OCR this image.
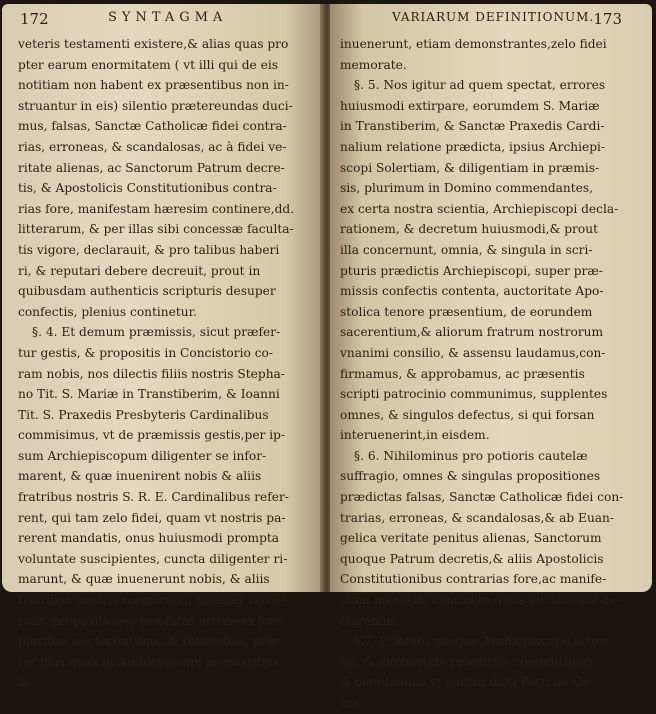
172	SYNTAGMA
veteris testamenti existere,& alias quas pro
pter earum enormitatem ( vt illi qui de eis
notitiam non habent ex præsentibus non in-
struantur in eis) silentio prætereundas duci-
mus, falsas, Sanctæ Catholicæ fidei contra-
rias, erroneas, & scandalosas, ac à fidei ve-
ritate alienas, ac Sanctorum Patrum decre-
tis, & Apostolicis Constitutionibus contra-
rias fore, manifestam hæresim continere,dd.
litterarum, & per illas sibi concessæ faculta-
tis vigore, declarauit, & pro talibus haberi
ri, & reputari debere decreuit, prout in
quibusdam authenticis scripturis desuper
confectis, plenius continetur.
§. 4. Et demum præmissis, sicut præfer-
tur gestis, & propositis in Concistorio co-
ram nobis, nos dilectis filiis nostris Stepha-
no Tit. S. Mariæ in Transtiberim, & Ioanni
Tit. S. Praxedis Presbyteris Cardinalibus
commisimus, vt de præmissis gestis,per ip-
sum Archiepiscopum diligenter se infor-
marent, & quæ inuenirent nobis & aliis
fratribus nostris S. R. E. Cardinalibus refer-
rent, qui tam zelo fidei, quam vt nostris pa-
rerent mandatis, onus huiusmodi prompta
voluntate suscipientes, cuncta diligenter ri-
marunt, & quæ inuenerunt nobis, & aliis
fratribus nostris memoratis, fideliter retule-
runt, propositiones præfatas erroneas fore,
pluribus auctoritatibus, & rationibus, præ-
ter illas quas in Archiepiscopi processibus
in-
VARIARUM DEFINITIONUM. 173
inuenerunt, etiam demonstrantes,zelo fidei
memorate.
§. 5. Nos igitur ad quem spectat, errores
huiusmodi extirpare, eorumdem S. Mariæ
in Transtiberim, & Sanctæ Praxedis Cardi-
nalium relatione prædicta, ipsius Archiepi-
scopi Solertiam, & diligentiam in præmis-
sis, plurimum in Domino commendantes,
ex certa nostra scientia, Archiepiscopi decla-
rationem, & decretum huiusmodi,& prout
illa concernunt, omnia, & singula in scri-
pturis prædictis Archiepiscopi, super præ-
missis confectis contenta, auctoritate Apo-
stolica tenore præsentium, de eorundem
sacerentium,& aliorum fratrum nostrorum
vnanimi consilio, & assensu laudamus,con-
firmamus, & approbamus, ac præsentis
scripti patrocinio communimus, supplentes
omnes, & singulos defectus, si qui forsan
interuenerint,in eisdem.
§. 6. Nihilominus pro potioris cautelæ
suffragio, omnes & singulas propositiones
prædictas falsas, Sanctæ Catholicæ fidei con-
trarias, erroneas, & scandalosas,& ab Euan-
gelica veritate penitus alienas, Sanctorum
quoque Patrum decretis,& aliis Apostolicis
Constitutionibus contrarias fore,ac manife-
stam hæresim continere,dicta auctoritate de-
claramus.
§.7. Præfato quoque Archiepiscopo,scien-
tia, & auctoritate prædictis committimus
& mandamus, vt contra dicti Petri de Os-
ma
